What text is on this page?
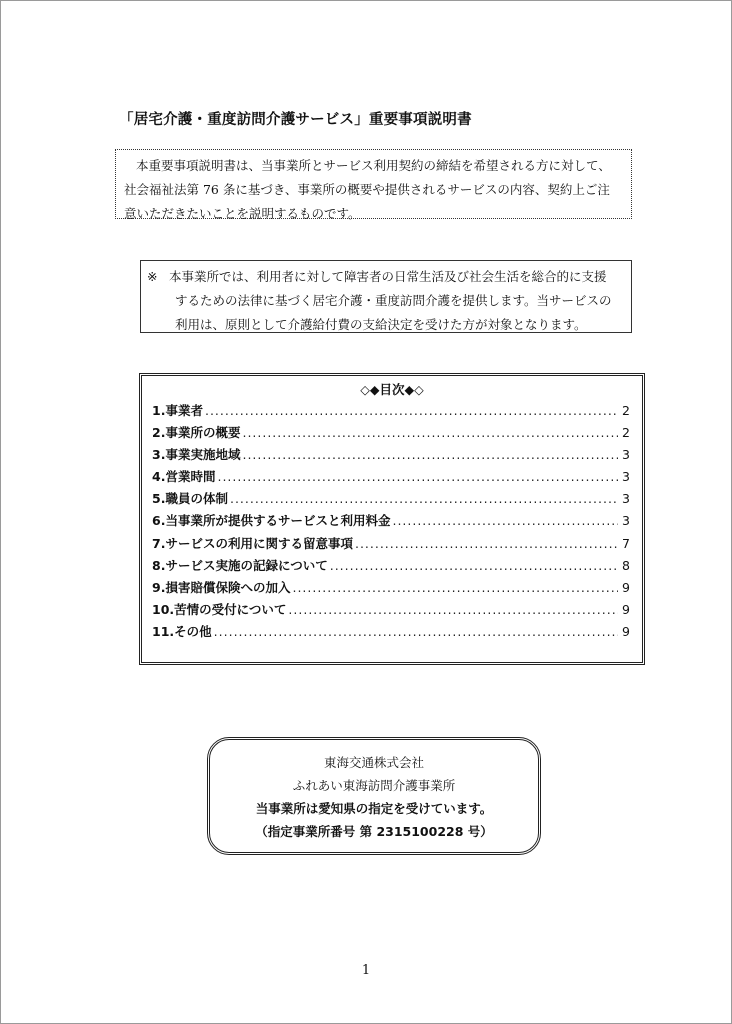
「居宅介護・重度訪問介護サービス」重要事項説明書
本重要事項説明書は、当事業所とサービス利用契約の締結を希望される方に対して、
社会福祉法第 76 条に基づき、事業所の概要や提供されるサービスの内容、契約上ご注
意いただきたいことを説明するものです。
※ 本事業所では、利用者に対して障害者の日常生活及び社会生活を総合的に支援
するための法律に基づく居宅介護・重度訪問介護を提供します。当サービスの
利用は、原則として介護給付費の支給決定を受けた方が対象となります。
◇◆目次◆◇
1. 事業者 .....	2
2. 事業所の概要 .....	2
3. 事業実施地域 .....	3
4. 営業時間 .....	3
5. 職員の体制 .....	3
6. 当事業所が提供するサービスと利用料金 .....	3
7. サービスの利用に関する留意事項 .....	7
8. サービス実施の記録について .....	8
9. 損害賠償保険への加入 .....	9
10. 苦情の受付について .....	9
11. その他 .....	9
東海交通株式会社
ふれあい東海訪問介護事業所
当事業所は愛知県の指定を受けています。
（指定事業所番号 第 2315100228 号）
1
